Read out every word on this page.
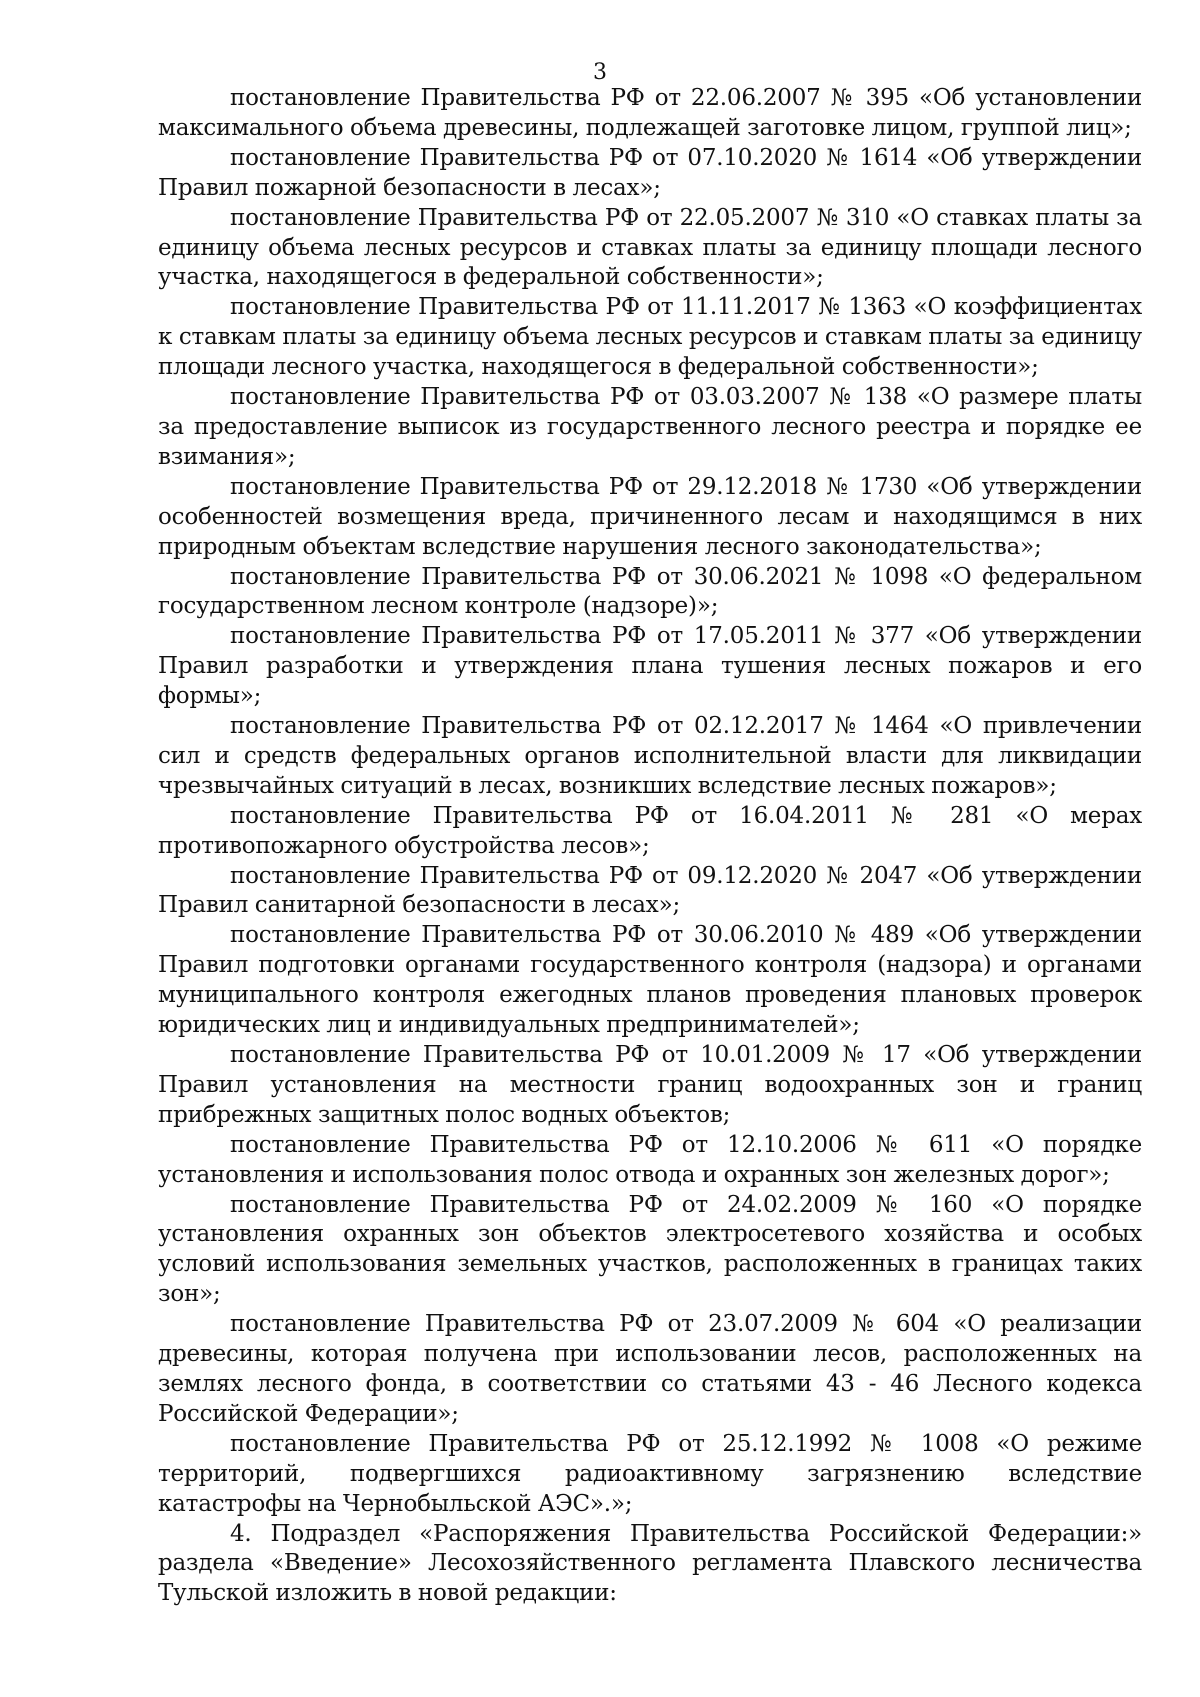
3

постановление Правительства РФ от 22.06.2007 № 395 «Об установлении максимального объема древесины, подлежащей заготовке лицом, группой лиц»;

постановление Правительства РФ от 07.10.2020 № 1614 «Об утверждении Правил пожарной безопасности в лесах»;

постановление Правительства РФ от 22.05.2007 № 310 «О ставках платы за единицу объема лесных ресурсов и ставках платы за единицу площади лесного участка, находящегося в федеральной собственности»;

постановление Правительства РФ от 11.11.2017 № 1363 «О коэффициентах к ставкам платы за единицу объема лесных ресурсов и ставкам платы за единицу площади лесного участка, находящегося в федеральной собственности»;

постановление Правительства РФ от 03.03.2007 № 138 «О размере платы за предоставление выписок из государственного лесного реестра и порядке ее взимания»;

постановление Правительства РФ от 29.12.2018 № 1730 «Об утверждении особенностей возмещения вреда, причиненного лесам и находящимся в них природным объектам вследствие нарушения лесного законодательства»;

постановление Правительства РФ от 30.06.2021 № 1098 «О федеральном государственном лесном контроле (надзоре)»;

постановление Правительства РФ от 17.05.2011 № 377 «Об утверждении Правил разработки и утверждения плана тушения лесных пожаров и его формы»;

постановление Правительства РФ от 02.12.2017 № 1464 «О привлечении сил и средств федеральных органов исполнительной власти для ликвидации чрезвычайных ситуаций в лесах, возникших вследствие лесных пожаров»;

постановление Правительства РФ от 16.04.2011 № 281 «О мерах противопожарного обустройства лесов»;

постановление Правительства РФ от 09.12.2020 № 2047 «Об утверждении Правил санитарной безопасности в лесах»;

постановление Правительства РФ от 30.06.2010 № 489 «Об утверждении Правил подготовки органами государственного контроля (надзора) и органами муниципального контроля ежегодных планов проведения плановых проверок юридических лиц и индивидуальных предпринимателей»;

постановление Правительства РФ от 10.01.2009 № 17 «Об утверждении Правил установления на местности границ водоохранных зон и границ прибрежных защитных полос водных объектов;

постановление Правительства РФ от 12.10.2006 № 611 «О порядке установления и использования полос отвода и охранных зон железных дорог»;

постановление Правительства РФ от 24.02.2009 № 160 «О порядке установления охранных зон объектов электросетевого хозяйства и особых условий использования земельных участков, расположенных в границах таких зон»;

постановление Правительства РФ от 23.07.2009 № 604 «О реализации древесины, которая получена при использовании лесов, расположенных на землях лесного фонда, в соответствии со статьями 43 - 46 Лесного кодекса Российской Федерации»;

постановление Правительства РФ от 25.12.1992 № 1008 «О режиме территорий, подвергшихся радиоактивному загрязнению вследствие катастрофы на Чернобыльской АЭС».»;

4. Подраздел «Распоряжения Правительства Российской Федерации:» раздела «Введение» Лесохозяйственного регламента Плавского лесничества Тульской изложить в новой редакции:
